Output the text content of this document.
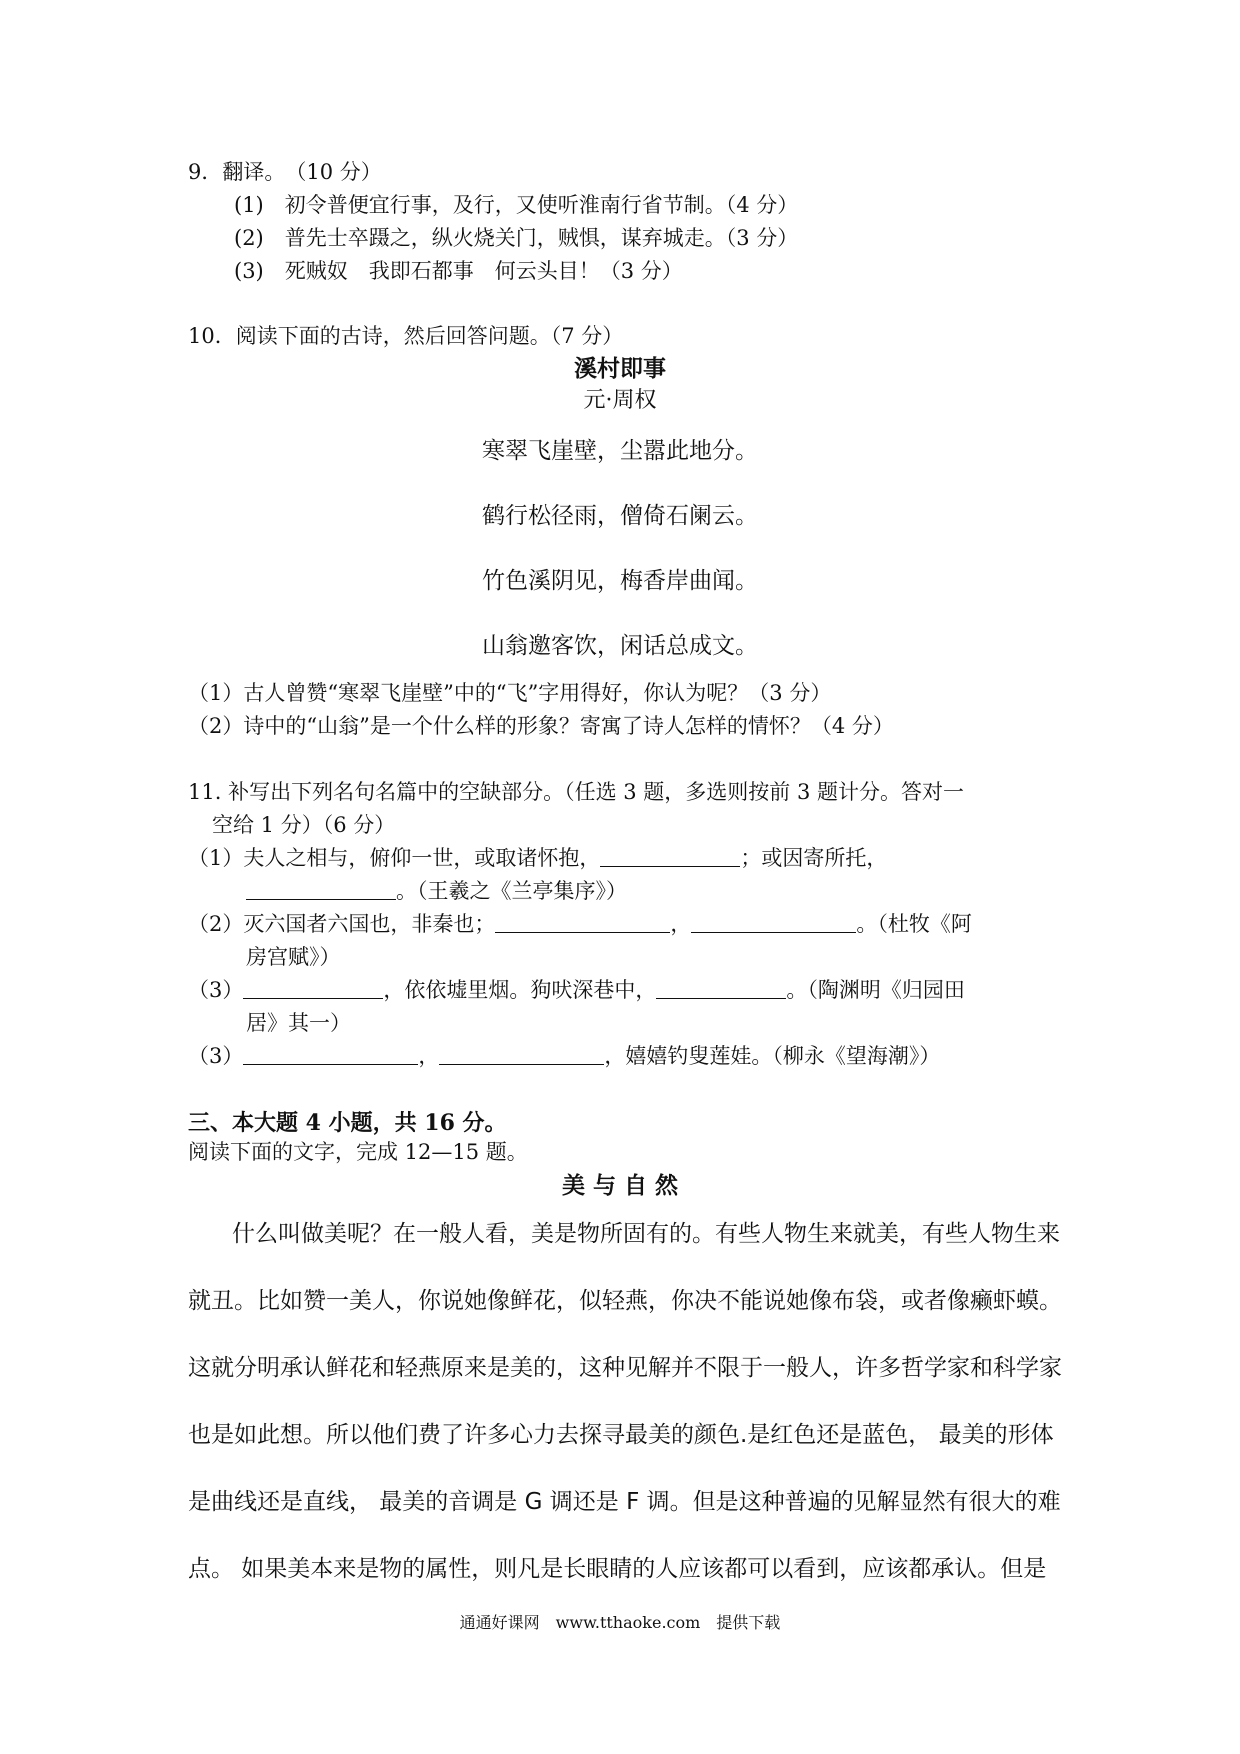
9．翻译。　（10 分）
(1)　初令普便宜行事，及行，又使听淮南行省节制。（4 分）
(2)　普先士卒蹑之，纵火烧关门，贼惧，谋弃城走。（3 分）
(3)　死贼奴　我即石都事　何云头目！（3 分）
10．阅读下面的古诗，然后回答问题。（7 分）
溪村即事
元·周权
寒翠飞崖壁，尘嚣此地分。
鹤行松径雨，僧倚石阑云。
竹色溪阴见，梅香岸曲闻。
山翁邀客饮，闲话总成文。
（1）古人曾赞“寒翠飞崖壁”中的“飞”字用得好，你认为呢？（3 分）
（2）诗中的“山翁”是一个什么样的形象？寄寓了诗人怎样的情怀？（4 分）
11. 补写出下列名句名篇中的空缺部分。（任选 3 题，多选则按前 3 题计分。答对一
空给 1 分）（6 分）
（1）夫人之相与，俯仰一世，或取诸怀抱，	；或因寄所托，
。（王羲之《兰亭集序》）
（2）灭六国者六国也，非秦也；	，	。（杜牧《阿
房宫赋》）
（3）	，依依墟里烟。狗吠深巷中，	。（陶渊明《归园田
居》其一）
（3）	，	，嬉嬉钓叟莲娃。（柳永《望海潮》）
三、本大题 4 小题，共 16 分。
阅读下面的文字，完成 12—15 题。
美 与 自 然
什么叫做美呢？在一般人看，美是物所固有的。有些人物生来就美，有些人物生来
就丑。比如赞一美人，你说她像鲜花，似轻燕，你决不能说她像布袋，或者像癞虾蟆。
这就分明承认鲜花和轻燕原来是美的，这种见解并不限于一般人，许多哲学家和科学家
也是如此想。所以他们费了许多心力去探寻最美的颜色.是红色还是蓝色， 最美的形体
是曲线还是直线， 最美的音调是 G 调还是 F 调。但是这种普遍的见解显然有很大的难
点。 如果美本来是物的属性，则凡是长眼睛的人应该都可以看到，应该都承认。但是
通通好课网　www.tthaoke.com　提供下载
